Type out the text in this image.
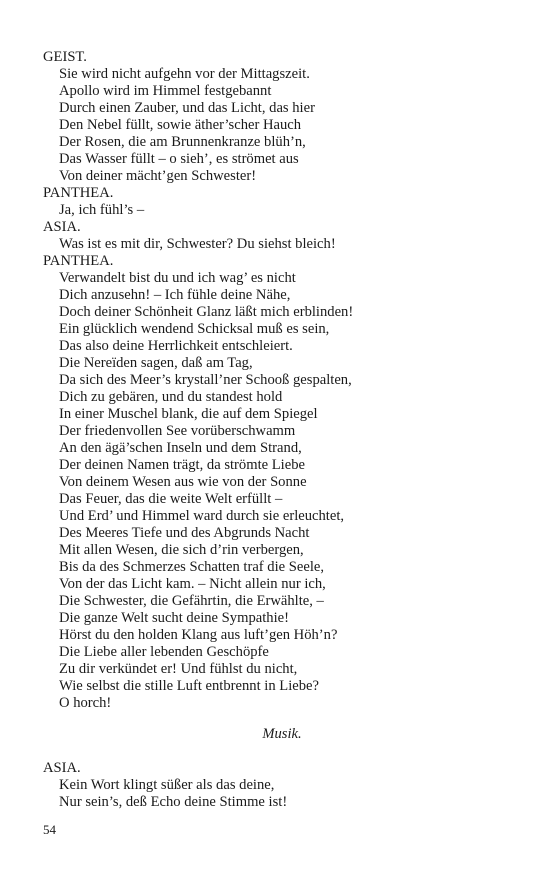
GEIST.
Sie wird nicht aufgehn vor der Mittagszeit.
Apollo wird im Himmel festgebannt
Durch einen Zauber, und das Licht, das hier
Den Nebel füllt, sowie äther’scher Hauch
Der Rosen, die am Brunnenkranze blüh’n,
Das Wasser füllt – o sieh’, es strömet aus
Von deiner mächt’gen Schwester!
PANTHEA.
Ja, ich fühl’s –
ASIA.
Was ist es mit dir, Schwester? Du siehst bleich!
PANTHEA.
Verwandelt bist du und ich wag’ es nicht
Dich anzusehn! – Ich fühle deine Nähe,
Doch deiner Schönheit Glanz läßt mich erblinden!
Ein glücklich wendend Schicksal muß es sein,
Das also deine Herrlichkeit entschleiert.
Die Nereïden sagen, daß am Tag,
Da sich des Meer’s krystall’ner Schooß gespalten,
Dich zu gebären, und du standest hold
In einer Muschel blank, die auf dem Spiegel
Der friedenvollen See vorüberschwamm
An den ägä’schen Inseln und dem Strand,
Der deinen Namen trägt, da strömte Liebe
Von deinem Wesen aus wie von der Sonne
Das Feuer, das die weite Welt erfüllt –
Und Erd’ und Himmel ward durch sie erleuchtet,
Des Meeres Tiefe und des Abgrunds Nacht
Mit allen Wesen, die sich d’rin verbergen,
Bis da des Schmerzes Schatten traf die Seele,
Von der das Licht kam. – Nicht allein nur ich,
Die Schwester, die Gefährtin, die Erwählte, –
Die ganze Welt sucht deine Sympathie!
Hörst du den holden Klang aus luft’gen Höh’n?
Die Liebe aller lebenden Geschöpfe
Zu dir verkündet er! Und fühlst du nicht,
Wie selbst die stille Luft entbrennt in Liebe?
O horch!
Musik.
ASIA.
Kein Wort klingt süßer als das deine,
Nur sein’s, deß Echo deine Stimme ist!
54
